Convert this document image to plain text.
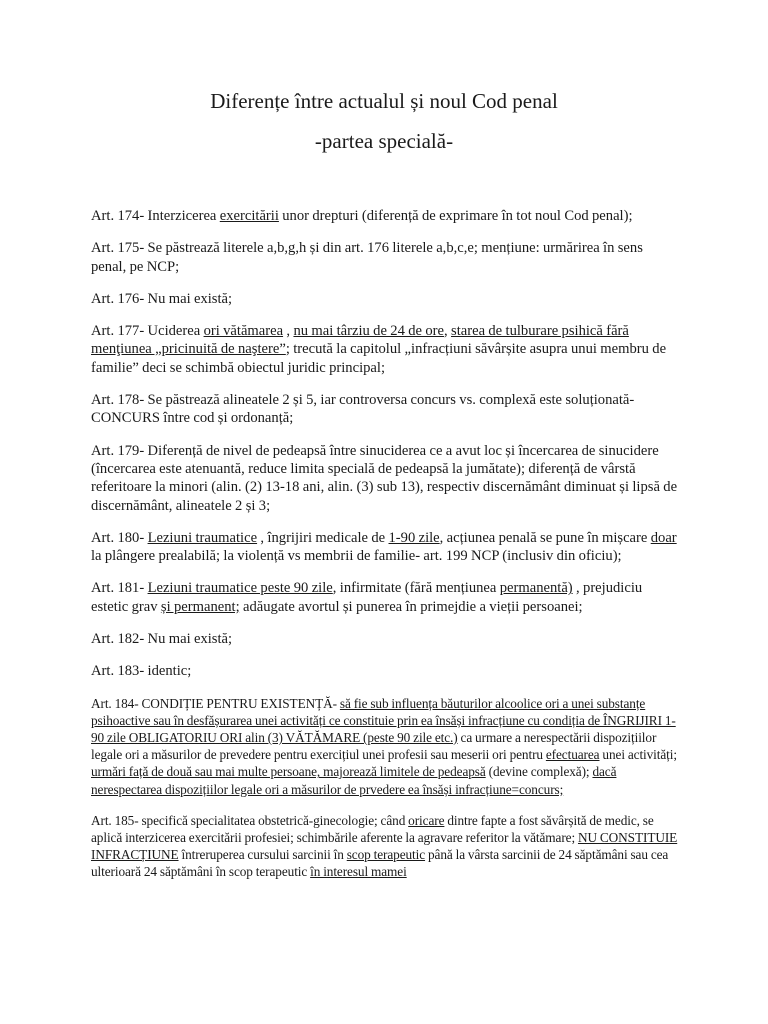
Diferențe între actualul și noul Cod penal
-partea specială-

Art. 174- Interzicerea exercitării unor drepturi (diferență de exprimare în tot noul Cod penal);

Art. 175- Se păstrează literele a,b,g,h și din art. 176 literele a,b,c,e; mențiune: urmărirea în sens penal, pe NCP;

Art. 176- Nu mai există;

Art. 177- Uciderea ori vătămarea , nu mai târziu de 24 de ore, starea de tulburare psihică fără menţiunea „pricinuită de naştere”; trecută la capitolul „infracțiuni săvârșite asupra unui membru de familie” deci se schimbă obiectul juridic principal;

Art. 178- Se păstrează alineatele 2 și 5, iar controversa concurs vs. complexă este soluționată- CONCURS între cod și ordonanță;

Art. 179- Diferență de nivel de pedeapsă între sinuciderea ce a avut loc și încercarea de sinucidere (încercarea este atenuantă, reduce limita specială de pedeapsă la jumătate); diferență de vârstă referitoare la minori (alin. (2) 13-18 ani, alin. (3) sub 13), respectiv discernământ diminuat și lipsă de discernământ, alineatele 2 și 3;

Art. 180- Leziuni traumatice , îngrijiri medicale de 1-90 zile, acțiunea penală se pune în mișcare doar la plângere prealabilă; la violență vs membrii de familie- art. 199 NCP (inclusiv din oficiu);

Art. 181- Leziuni traumatice peste 90 zile, infirmitate (fără mențiunea permanentă) , prejudiciu estetic grav și permanent; adăugate avortul și punerea în primejdie a vieții persoanei;

Art. 182- Nu mai există;

Art. 183- identic;

Art. 184- CONDIȚIE PENTRU EXISTENȚĂ- să fie sub influența băuturilor alcoolice ori a unei substanțe psihoactive sau în desfășurarea unei activități ce constituie prin ea însăși infracțiune cu condiția de ÎNGRIJIRI 1-90 zile OBLIGATORIU ORI alin (3) VĂTĂMARE (peste 90 zile etc.) ca urmare a nerespectării dispozițiilor legale ori a măsurilor de prevedere pentru exercițiul unei profesii sau meserii ori pentru efectuarea unei activități; urmări față de două sau mai multe persoane, majorează limitele de pedeapsă (devine complexă); dacă nerespectarea dispozițiilor legale ori a măsurilor de prvedere ea însăși infracțiune=concurs;

Art. 185- specifică specialitatea obstetrică-ginecologie; când oricare dintre fapte a fost săvârșită de medic, se aplică interzicerea exercitării profesiei; schimbările aferente la agravare referitor la vătămare; NU CONSTITUIE INFRACȚIUNE întreruperea cursului sarcinii în scop terapeutic până la vârsta sarcinii de 24 săptămâni sau cea ulterioară 24 săptămâni în scop terapeutic în interesul mamei
